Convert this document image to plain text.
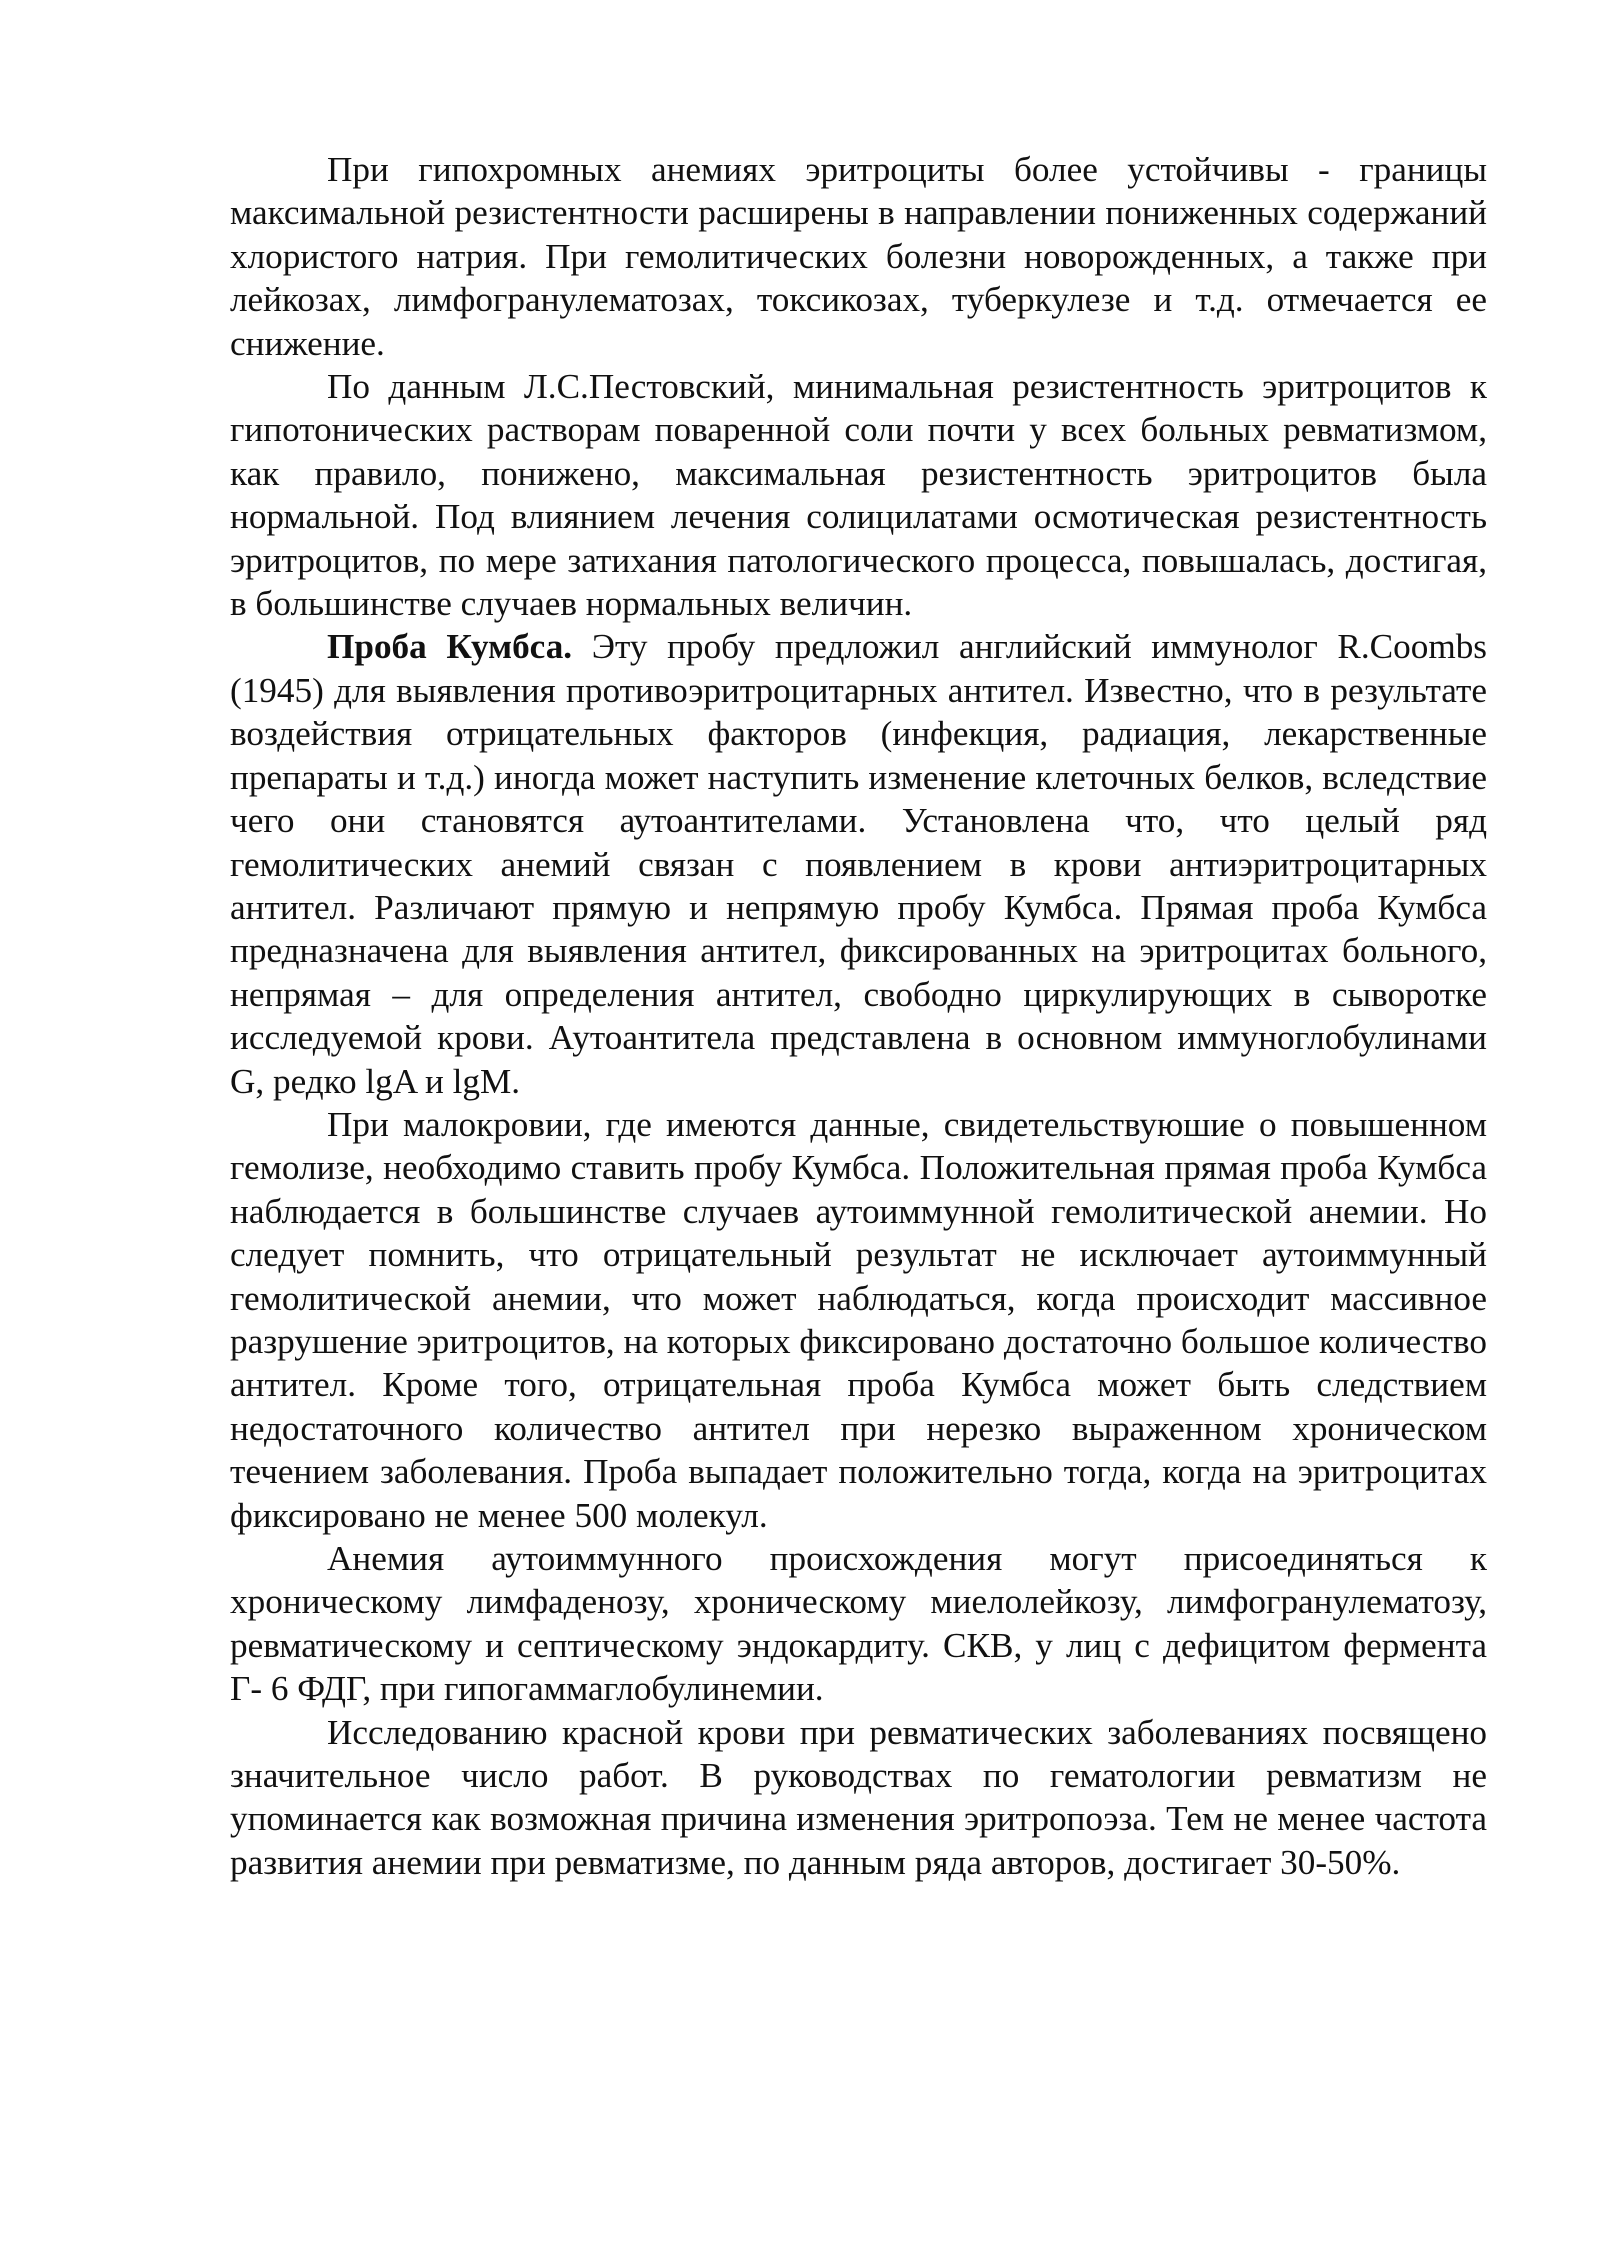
При гипохромных анемиях эритроциты более устойчивы - границы максимальной резистентности расширены в направлении пониженных содержаний хлористого натрия. При гемолитических болезни новорожденных, а также при лейкозах, лимфогранулематозах, токсикозах, туберкулезе и т.д. отмечается ее снижение.

По данным Л.С.Пестовский, минимальная резистентность эритроцитов к гипотонических растворам поваренной соли почти у всех больных ревматизмом, как правило, понижено, максимальная резистентность эритроцитов была нормальной. Под влиянием лечения солицилатами осмотическая резистентность эритроцитов, по мере затихания патологического процесса, повышалась, достигая, в большинстве случаев нормальных величин.

Проба Кумбса. Эту пробу предложил английский иммунолог R.Coombs (1945) для выявления противоэритроцитарных антител. Известно, что в результате воздействия отрицательных факторов (инфекция, радиация, лекарственные препараты и т.д.) иногда может наступить изменение клеточных белков, вследствие чего они становятся аутоантителами. Установлена что, что целый ряд гемолитических анемий связан с появлением в крови антиэритроцитарных антител. Различают прямую и непрямую пробу Кумбса. Прямая проба Кумбса предназначена для выявления антител, фиксированных на эритроцитах больного, непрямая – для определения антител, свободно циркулирующих в сыворотке исследуемой крови. Аутоантитела представлена в основном иммуноглобулинами G, редко lgA и lgM.

При малокровии, где имеются данные, свидетельствуюшие о повышенном гемолизе, необходимо ставить пробу Кумбса. Положительная прямая проба Кумбса наблюдается в большинстве случаев аутоиммунной гемолитической анемии. Но следует помнить, что отрицательный результат не исключает аутоиммунный гемолитической анемии, что может наблюдаться, когда происходит массивное разрушение эритроцитов, на которых фиксировано достаточно большое количество антител. Кроме того, отрицательная проба Кумбса может быть следствием недостаточного количество антител при нерезко выраженном хроническом течением заболевания. Проба выпадает положительно тогда, когда на эритроцитах фиксировано не менее 500 молекул.

Анемия аутоиммунного происхождения могут присоединяться к хроническому лимфаденозу, хроническому миелолейкозу, лимфогранулематозу, ревматическому и септическому эндокардиту. СКВ, у лиц с дефицитом фермента Г- 6 ФДГ, при гипогаммаглобулинемии.

Исследованию красной крови при ревматических заболеваниях посвящено значительное число работ. В руководствах по гематологии ревматизм не упоминается как возможная причина изменения эритропоэза. Тем не менее частота развития анемии при ревматизме, по данным ряда авторов, достигает 30-50%.
